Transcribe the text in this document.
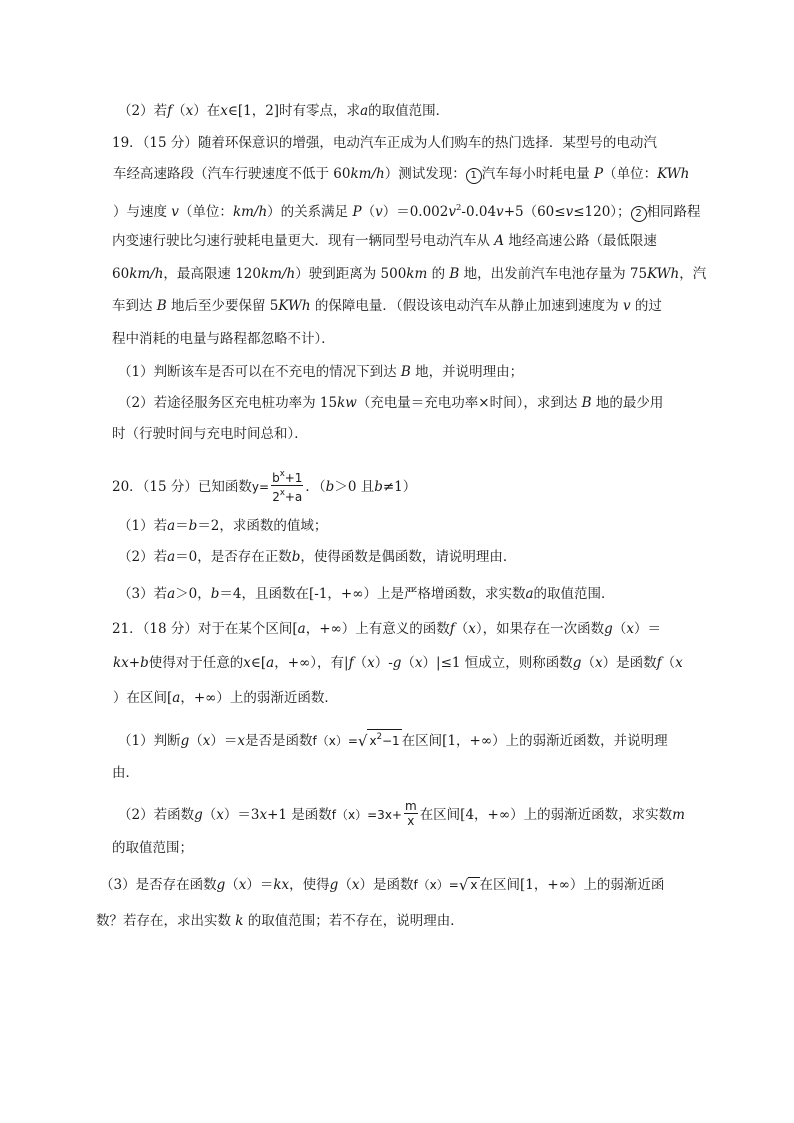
（2）若f（x）在x∈[1，2]时有零点，求a的取值范围．
19．（15 分）随着环保意识的增强，电动汽车正成为人们购车的热门选择．某型号的电动汽
车经高速路段（汽车行驶速度不低于 60km/h）测试发现： 1 汽车每小时耗电量 P（单位：KWh
）与速度 v（单位：km/h）的关系满足 $P(v)=0.002v^2-0.04v+5(60\le v\le 120)$； 2 相同路程
内变速行驶比匀速行驶耗电量更大．现有一辆同型号电动汽车从 A 地经高速公路（最低限速
60km/h，最高限速 120km/h）驶到距离为 500km 的 B 地，出发前汽车电池存量为 75KWh，汽
车到达 B 地后至少要保留 5KWh 的保障电量．（假设该电动汽车从静止加速到速度为 v 的过
程中消耗的电量与路程都忽略不计）．
（1）判断该车是否可以在不充电的情况下到达 B 地，并说明理由；
（2）若途径服务区充电桩功率为 15kw（充电量＝充电功率×时间），求到达 B 地的最少用
时（行驶时间与充电时间总和）．
20．（15 分）已知函数$y= \frac{b^x+1}{2^x+a}$ ．（b＞0 且b≠1）
（1）若a＝b＝2，求函数的值域；
（2）若a＝0，是否存在正数b，使得函数是偶函数，请说明理由．
（3）若a＞0，b＝4，且函数在[-1，+∞）上是严格增函数，求实数a的取值范围．
21．（18 分）对于在某个区间[a，+∞）上有意义的函数f（x），如果存在一次函数g（x）＝
kx+b使得对于任意的x∈[a，+∞），有|f（x）-g（x）|≤1 恒成立，则称函数g（x）是函数f（x
）在区间[a，+∞）上的弱渐近函数．
（1）判断g（x）＝x是否是函数f（x）=√ $x^2-1$ 在区间[1，+∞）上的弱渐近函数，并说明理
由．
（2）若函数g（x）＝3x+1 是函数$f(x)=3x+ \frac{m}{x}$ 在区间[4，+∞）上的弱渐近函数，求实数m
的取值范围；
（3）是否存在函数g（x）＝kx，使得g（x）是函数f（x）=√ x 在区间[1，+∞）上的弱渐近函
数？若存在，求出实数 k 的取值范围；若不存在，说明理由．
